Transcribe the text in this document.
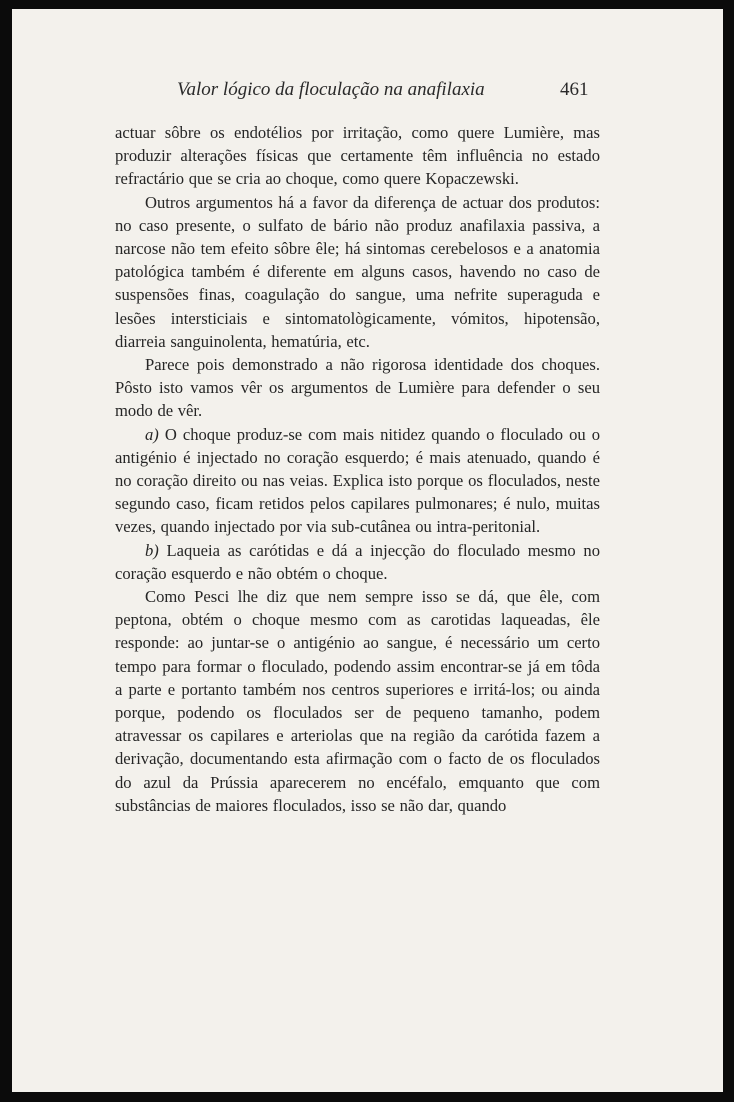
Valor lógico da floculação na anafilaxia	461

actuar sôbre os endotélios por irritação, como quere Lumière, mas produzir alterações físicas que certamente têm influência no estado refractário que se cria ao choque, como quere Kopaczewski.

Outros argumentos há a favor da diferença de actuar dos produtos: no caso presente, o sulfato de bário não produz anafilaxia passiva, a narcose não tem efeito sôbre êle; há sintomas cerebelosos e a anatomia patológica também é diferente em alguns casos, havendo no caso de suspensões finas, coagulação do sangue, uma nefrite superaguda e lesões intersticiais e sintomatològicamente, vómitos, hipotensão, diarreia sanguinolenta, hematúria, etc.

Parece pois demonstrado a não rigorosa identidade dos choques. Pôsto isto vamos vêr os argumentos de Lumière para defender o seu modo de vêr.

a) O choque produz-se com mais nitidez quando o floculado ou o antigénio é injectado no coração esquerdo; é mais atenuado, quando é no coração direito ou nas veias. Explica isto porque os floculados, neste segundo caso, ficam retidos pelos capilares pulmonares; é nulo, muitas vezes, quando injectado por via sub-cutânea ou intra-peritonial.

b) Laqueia as carótidas e dá a injecção do floculado mesmo no coração esquerdo e não obtém o choque.

Como Pesci lhe diz que nem sempre isso se dá, que êle, com peptona, obtém o choque mesmo com as carotidas laqueadas, êle responde: ao juntar-se o antigénio ao sangue, é necessário um certo tempo para formar o floculado, podendo assim encontrar-se já em tôda a parte e portanto também nos centros superiores e irritá-los; ou ainda porque, podendo os floculados ser de pequeno tamanho, podem atravessar os capilares e arteriolas que na região da carótida fazem a derivação, documentando esta afirmação com o facto de os floculados do azul da Prússia aparecerem no encéfalo, emquanto que com substâncias de maiores floculados, isso se não dar, quando
